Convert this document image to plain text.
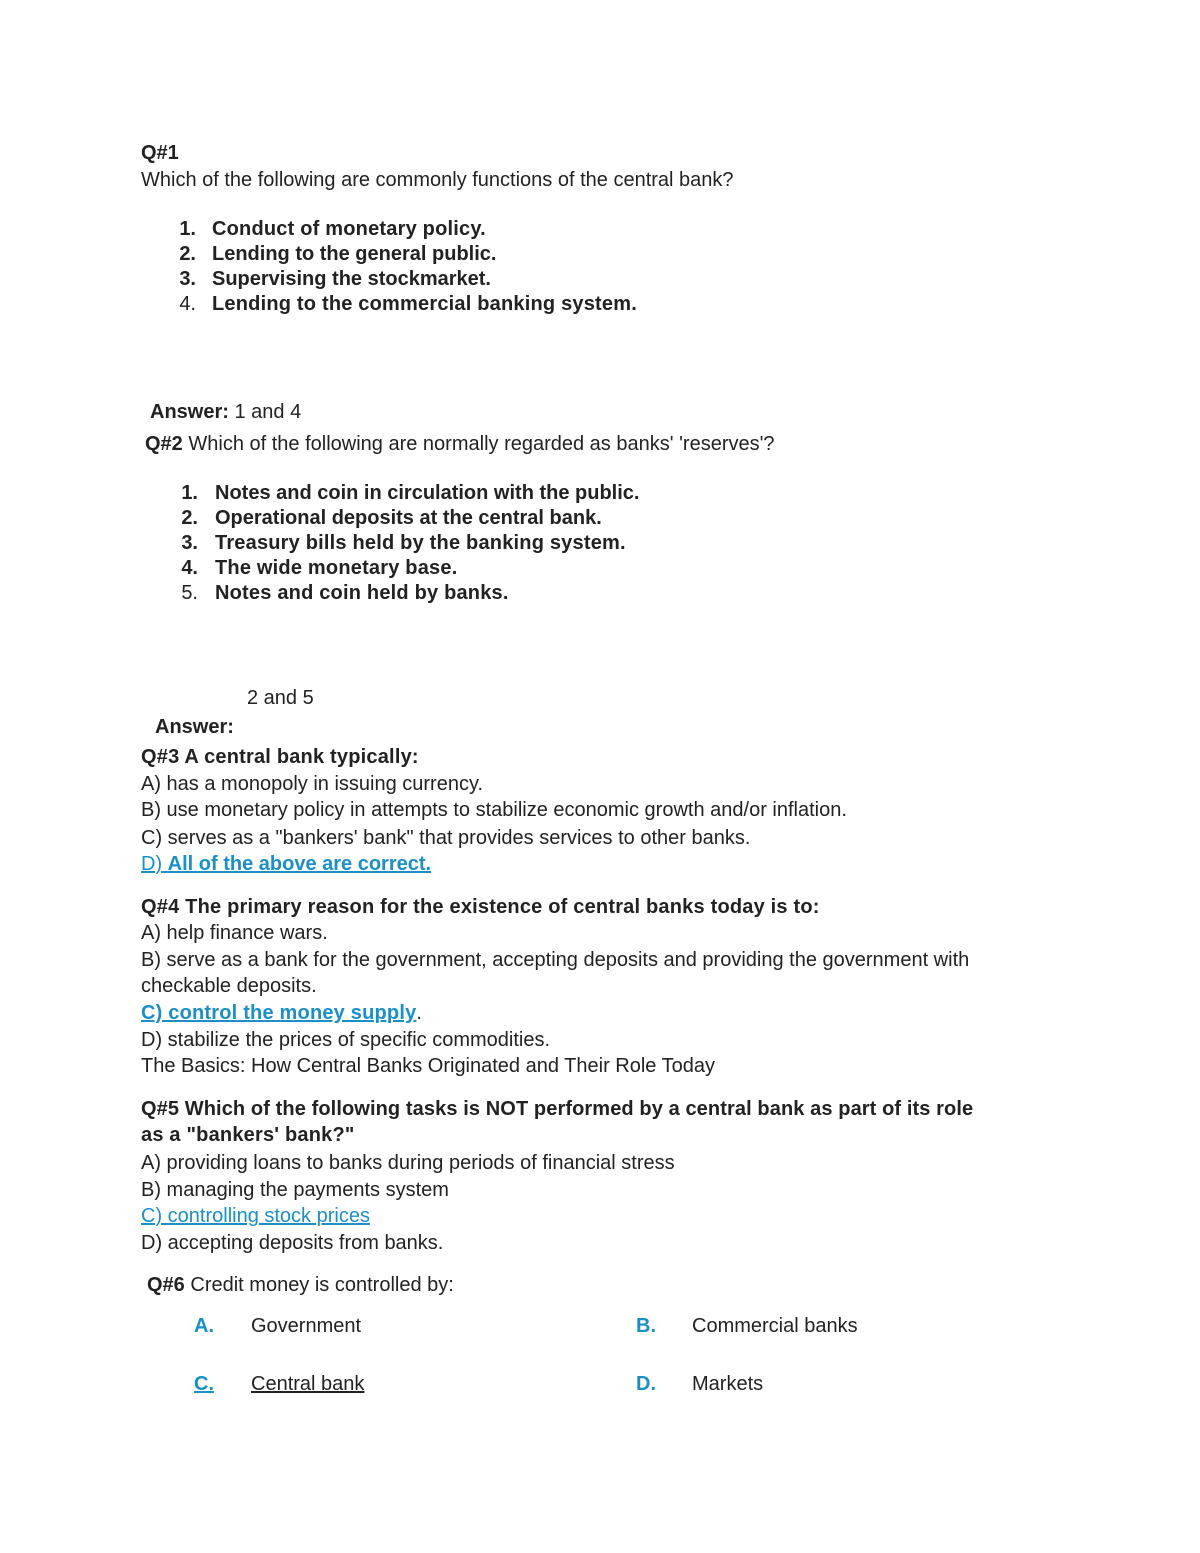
Q#1
Which of the following are commonly functions of the central bank?
1. Conduct of monetary policy.
2. Lending to the general public.
3. Supervising the stockmarket.
4. Lending to the commercial banking system.
Answer: 1 and 4
Q#2 Which of the following are normally regarded as banks' 'reserves'?
1. Notes and coin in circulation with the public.
2. Operational deposits at the central bank.
3. Treasury bills held by the banking system.
4. The wide monetary base.
5. Notes and coin held by banks.
2 and 5
Answer:
Q#3 A central bank typically:
A) has a monopoly in issuing currency.
B) use monetary policy in attempts to stabilize economic growth and/or inflation.
C) serves as a "bankers' bank" that provides services to other banks.
D) All of the above are correct.
Q#4 The primary reason for the existence of central banks today is to:
A) help finance wars.
B) serve as a bank for the government, accepting deposits and providing the government with
checkable deposits.
C) control the money supply.
D) stabilize the prices of specific commodities.
The Basics: How Central Banks Originated and Their Role Today
Q#5 Which of the following tasks is NOT performed by a central bank as part of its role
as a "bankers' bank?"
A) providing loans to banks during periods of financial stress
B) managing the payments system
C) controlling stock prices
D) accepting deposits from banks.
Q#6 Credit money is controlled by:
A. Government	B. Commercial banks
C. Central bank	D. Markets
